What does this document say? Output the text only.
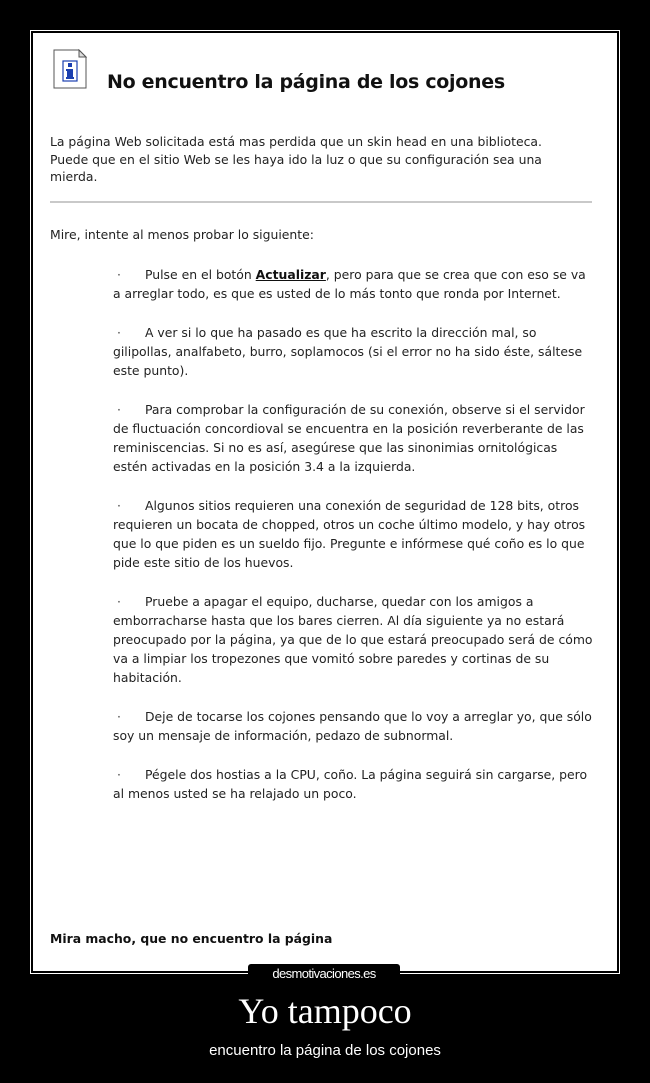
No encuentro la página de los cojones

La página Web solicitada está mas perdida que un skin head en una biblioteca. Puede que en el sitio Web se les haya ido la luz o que su configuración sea una mierda.

Mire, intente al menos probar lo siguiente:

· Pulse en el botón Actualizar, pero para que se crea que con eso se va a arreglar todo, es que es usted de lo más tonto que ronda por Internet.
· A ver si lo que ha pasado es que ha escrito la dirección mal, so gilipollas, analfabeto, burro, soplamocos (si el error no ha sido éste, sáltese este punto).
· Para comprobar la configuración de su conexión, observe si el servidor de fluctuación concordioval se encuentra en la posición reverberante de las reminiscencias. Si no es así, asegúrese que las sinonimias ornitológicas estén activadas en la posición 3.4 a la izquierda.
· Algunos sitios requieren una conexión de seguridad de 128 bits, otros requieren un bocata de chopped, otros un coche último modelo, y hay otros que lo que piden es un sueldo fijo. Pregunte e infórmese qué coño es lo que pide este sitio de los huevos.
· Pruebe a apagar el equipo, ducharse, quedar con los amigos a emborracharse hasta que los bares cierren. Al día siguiente ya no estará preocupado por la página, ya que de lo que estará preocupado será de cómo va a limpiar los tropezones que vomitó sobre paredes y cortinas de su habitación.
· Deje de tocarse los cojones pensando que lo voy a arreglar yo, que sólo soy un mensaje de información, pedazo de subnormal.
· Pégele dos hostias a la CPU, coño. La página seguirá sin cargarse, pero al menos usted se ha relajado un poco.

Mira macho, que no encuentro la página

desmotivaciones.es
Yo tampoco
encuentro la página de los cojones
